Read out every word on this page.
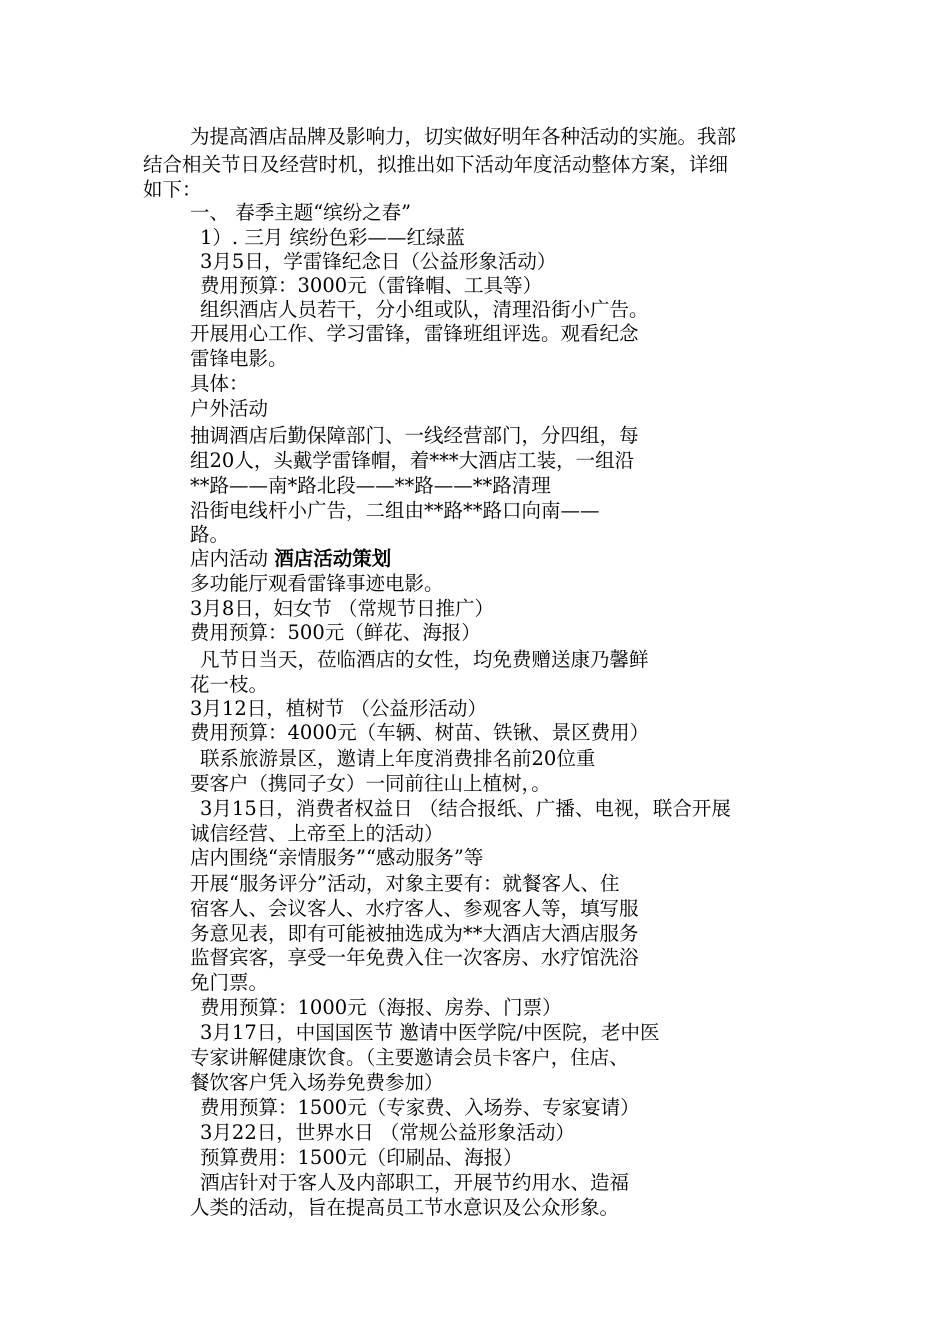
为提高酒店品牌及影响力，切实做好明年各种活动的实施。我部
结合相关节日及经营时机，拟推出如下活动年度活动整体方案，详细
如下：
一、 春季主题“缤纷之春”
1）. 三月 缤纷色彩——红绿蓝
3月5日，学雷锋纪念日（公益形象活动）
费用预算：3000元（雷锋帽、工具等）
组织酒店人员若干，分小组或队，清理沿街小广告。
开展用心工作、学习雷锋，雷锋班组评选。观看纪念
雷锋电影。
具体：
户外活动
抽调酒店后勤保障部门、一线经营部门，分四组，每
组20人，头戴学雷锋帽，着***大酒店工装，一组沿
**路——南*路北段——**路——**路清理
沿街电线杆小广告，二组由**路**路口向南——
路。
店内活动 酒店活动策划
多功能厅观看雷锋事迹电影。
3月8日，妇女节 （常规节日推广）
费用预算：500元（鲜花、海报）
凡节日当天，莅临酒店的女性，均免费赠送康乃馨鲜
花一枝。
3月12日，植树节 （公益形活动）
费用预算：4000元（车辆、树苗、铁锹、景区费用）
联系旅游景区，邀请上年度消费排名前20位重
要客户（携同子女）一同前往山上植树，。
3月15日，消费者权益日 （结合报纸、广播、电视，联合开展
诚信经营、上帝至上的活动）
店内围绕“亲情服务”“感动服务”等
开展“服务评分”活动，对象主要有：就餐客人、住
宿客人、会议客人、水疗客人、参观客人等，填写服
务意见表，即有可能被抽选成为**大酒店大酒店服务
监督宾客，享受一年免费入住一次客房、水疗馆洗浴
免门票。
费用预算：1000元（海报、房券、门票）
3月17日，中国国医节 邀请中医学院/中医院，老中医
专家讲解健康饮食。（主要邀请会员卡客户，住店、
餐饮客户凭入场券免费参加）
费用预算：1500元（专家费、入场券、专家宴请）
3月22日，世界水日 （常规公益形象活动）
预算费用：1500元（印刷品、海报）
酒店针对于客人及内部职工，开展节约用水、造福
人类的活动，旨在提高员工节水意识及公众形象。
